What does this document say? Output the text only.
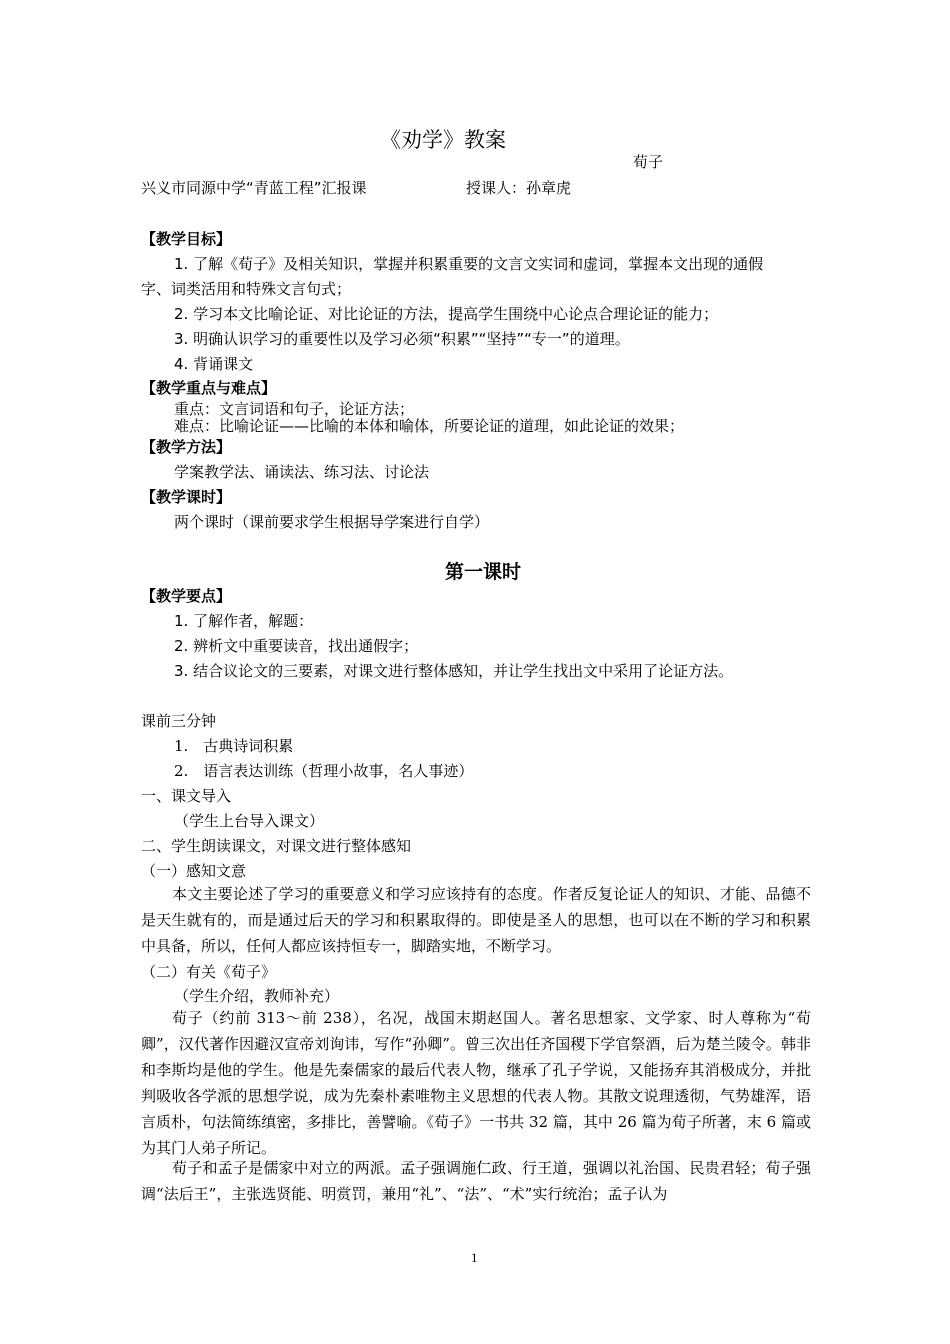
《劝学》教案
荀子
兴义市同源中学“青蓝工程”汇报课	授课人：孙章虎
【教学目标】
1. 了解《荀子》及相关知识，掌握并积累重要的文言文实词和虚词，掌握本文出现的通假
字、词类活用和特殊文言句式；
2. 学习本文比喻论证、对比论证的方法，提高学生围绕中心论点合理论证的能力；
3. 明确认识学习的重要性以及学习必须“积累”“坚持”“专一”的道理。
4. 背诵课文
【教学重点与难点】
重点：文言词语和句子，论证方法；
难点：比喻论证——比喻的本体和喻体，所要论证的道理，如此论证的效果；
【教学方法】
学案教学法、诵读法、练习法、讨论法
【教学课时】
两个课时（课前要求学生根据导学案进行自学）
第一课时
【教学要点】
1. 了解作者，解题：
2. 辨析文中重要读音，找出通假字；
3. 结合议论文的三要素，对课文进行整体感知，并让学生找出文中采用了论证方法。
课前三分钟
1.　古典诗词积累
2.　语言表达训练（哲理小故事，名人事迹）
一、课文导入
（学生上台导入课文）
二、学生朗读课文，对课文进行整体感知
（一）感知文意
本文主要论述了学习的重要意义和学习应该持有的态度。作者反复论证人的知识、才能、品德不是天生就有的，而是通过后天的学习和积累取得的。即使是圣人的思想，也可以在不断的学习和积累中具备，所以，任何人都应该持恒专一，脚踏实地，不断学习。
（二）有关《荀子》
（学生介绍，教师补充）
荀子（约前 313～前 238），名况，战国末期赵国人。著名思想家、文学家、时人尊称为“荀卿”，汉代著作因避汉宣帝刘询讳，写作“孙卿”。曾三次出任齐国稷下学官祭酒，后为楚兰陵令。韩非和李斯均是他的学生。他是先秦儒家的最后代表人物，继承了孔子学说，又能扬弃其消极成分，并批判吸收各学派的思想学说，成为先秦朴素唯物主义思想的代表人物。其散文说理透彻，气势雄浑，语言质朴，句法简练缜密，多排比，善譬喻。《荀子》一书共 32 篇，其中 26 篇为荀子所著，末 6 篇或为其门人弟子所记。
荀子和孟子是儒家中对立的两派。孟子强调施仁政、行王道，强调以礼治国、民贵君轻；荀子强调“法后王”，主张选贤能、明赏罚，兼用“礼”、“法”、“术”实行统治；孟子认为
1
